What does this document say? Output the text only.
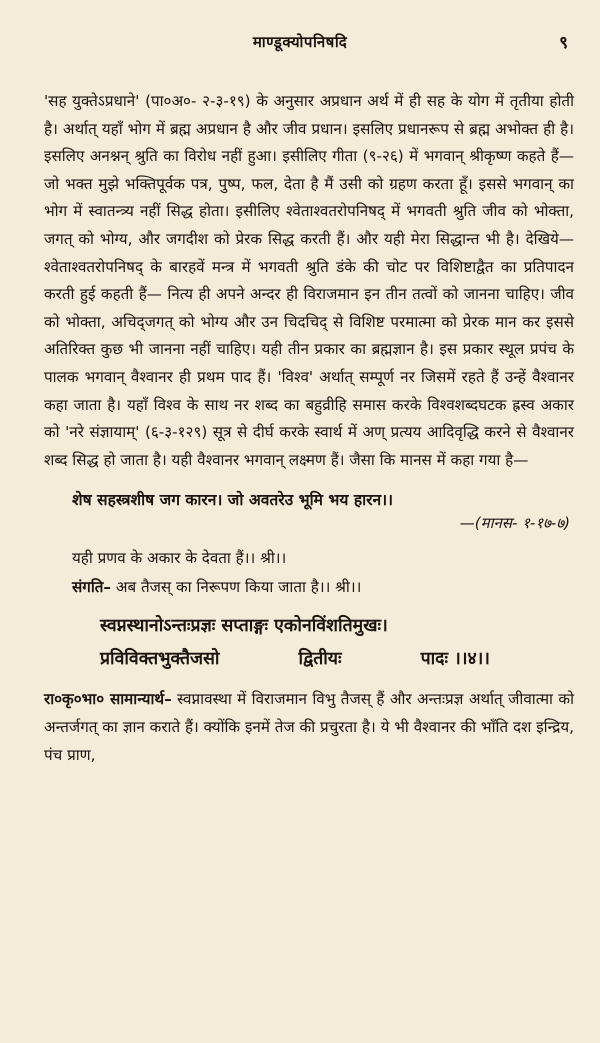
माण्डूक्योपनिषदि	९

'सह युक्तेऽप्रधाने' (पा०अ०- २-३-१९) के अनुसार अप्रधान अर्थ में ही सह के योग में तृतीया होती है। अर्थात् यहाँ भोग में ब्रह्म अप्रधान है और जीव प्रधान। इसलिए प्रधानरूप से ब्रह्म अभोक्त ही है। इसलिए अनश्नन् श्रुति का विरोध नहीं हुआ। इसीलिए गीता (९-२६) में भगवान् श्रीकृष्ण कहते हैं— जो भक्त मुझे भक्तिपूर्वक पत्र, पुष्प, फल, देता है मैं उसी को ग्रहण करता हूँ। इससे भगवान् का भोग में स्वातन्त्र्य नहीं सिद्ध होता। इसीलिए श्वेताश्वतरोपनिषद् में भगवती श्रुति जीव को भोक्ता, जगत् को भोग्य, और जगदीश को प्रेरक सिद्ध करती हैं। और यही मेरा सिद्धान्त भी है। देखिये— श्वेताश्वतरोपनिषद् के बारहवें मन्त्र में भगवती श्रुति डंके की चोट पर विशिष्टाद्वैत का प्रतिपादन करती हुई कहती हैं— नित्य ही अपने अन्दर ही विराजमान इन तीन तत्वों को जानना चाहिए। जीव को भोक्ता, अचिद्जगत् को भोग्य और उन चिदचिद् से विशिष्ट परमात्मा को प्रेरक मान कर इससे अतिरिक्त कुछ भी जानना नहीं चाहिए। यही तीन प्रकार का ब्रह्मज्ञान है। इस प्रकार स्थूल प्रपंच के पालक भगवान् वैश्वानर ही प्रथम पाद हैं। 'विश्व' अर्थात् सम्पूर्ण नर जिसमें रहते हैं उन्हें वैश्वानर कहा जाता है। यहाँ विश्व के साथ नर शब्द का बहुव्रीहि समास करके विश्वशब्दघटक ह्रस्व अकार को 'नरे संज्ञायाम्' (६-३-१२९) सूत्र से दीर्घ करके स्वार्थ में अण् प्रत्यय आदिवृद्धि करने से वैश्वानर शब्द सिद्ध हो जाता है। यही वैश्वानर भगवान् लक्ष्मण हैं। जैसा कि मानस में कहा गया है—

शेष सहस्त्रशीष जग कारन। जो अवतरेउ भूमि भय हारन।।
—(मानस- १-१७-७)
यही प्रणव के अकार के देवता हैं।। श्री।।
संगति– अब तैजस् का निरूपण किया जाता है।। श्री।।
स्वप्नस्थानोऽन्तःप्रज्ञः सप्ताङ्गः एकोनविंशतिमुखः।
प्रविविक्तभुक्तैजसो	द्वितीयः	पादः ।।४।।

रा०कृ०भा० सामान्यार्थ– स्वप्नावस्था में विराजमान विभु तैजस् हैं और अन्तःप्रज्ञ अर्थात् जीवात्मा को अन्तर्जगत् का ज्ञान कराते हैं। क्योंकि इनमें तेज की प्रचुरता है। ये भी वैश्वानर की भाँति दश इन्द्रिय, पंच प्राण,
